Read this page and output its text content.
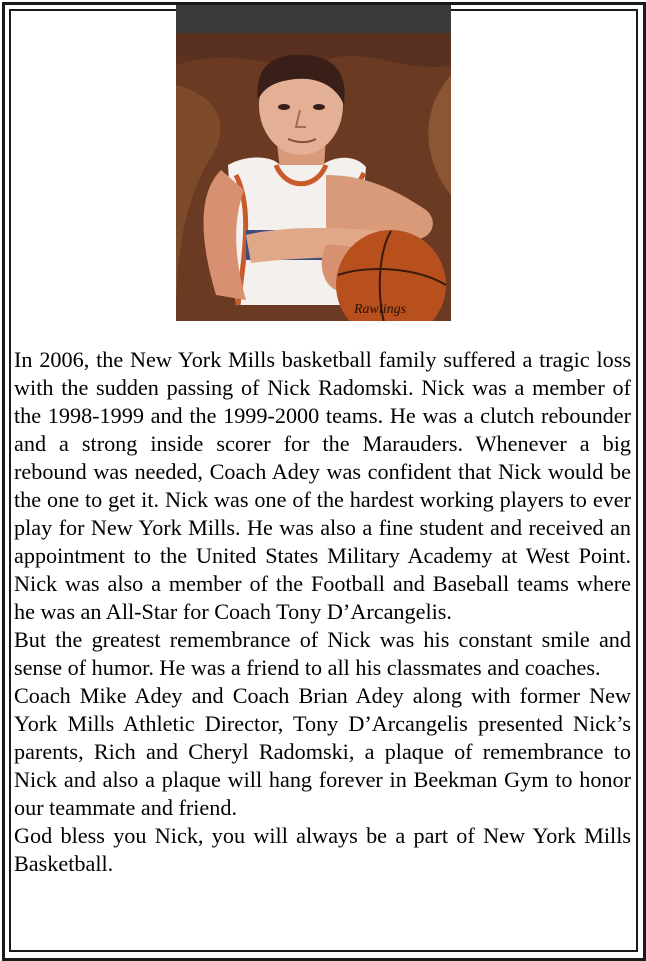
Rawlings

In 2006, the New York Mills basketball family suffered a tragic loss with the sudden passing of Nick Radomski. Nick was a member of the 1998-1999 and the 1999-2000 teams. He was a clutch rebounder and a strong inside scorer for the Marauders. Whenever a big rebound was needed, Coach Adey was confident that Nick would be the one to get it. Nick was one of the hardest working players to ever play for New York Mills. He was also a fine student and received an appointment to the United States Military Academy at West Point. Nick was also a member of the Football and Baseball teams where he was an All-Star for Coach Tony D’Arcangelis.

But the greatest remembrance of Nick was his constant smile and sense of humor. He was a friend to all his classmates and coaches.

Coach Mike Adey and Coach Brian Adey along with former New York Mills Athletic Director, Tony D’Arcangelis presented Nick’s parents, Rich and Cheryl Radomski, a plaque of remembrance to Nick and also a plaque will hang forever in Beekman Gym to honor our teammate and friend.

God bless you Nick, you will always be a part of New York Mills Basketball.
